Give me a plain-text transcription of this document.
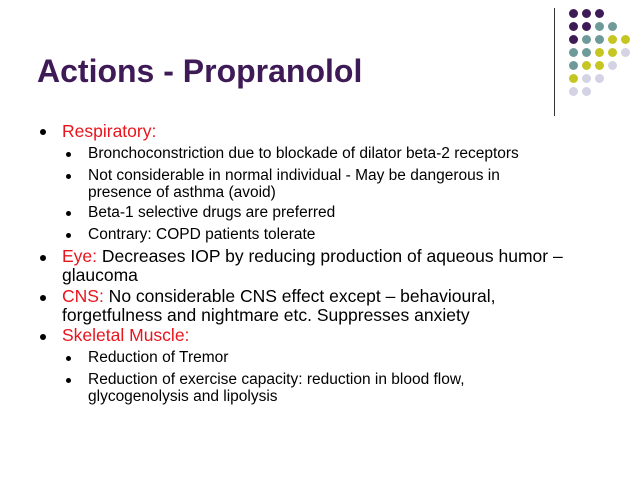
Actions - Propranolol
Respiratory:
Bronchoconstriction due to blockade of dilator beta-2 receptors
Not considerable in normal individual - May be dangerous in
presence of asthma (avoid)
Beta-1 selective drugs are preferred
Contrary: COPD patients tolerate
Eye: Decreases IOP by reducing production of aqueous humor –
glaucoma
CNS: No considerable CNS effect except – behavioural,
forgetfulness and nightmare etc. Suppresses anxiety
Skeletal Muscle:
Reduction of Tremor
Reduction of exercise capacity: reduction in blood flow,
glycogenolysis and lipolysis
